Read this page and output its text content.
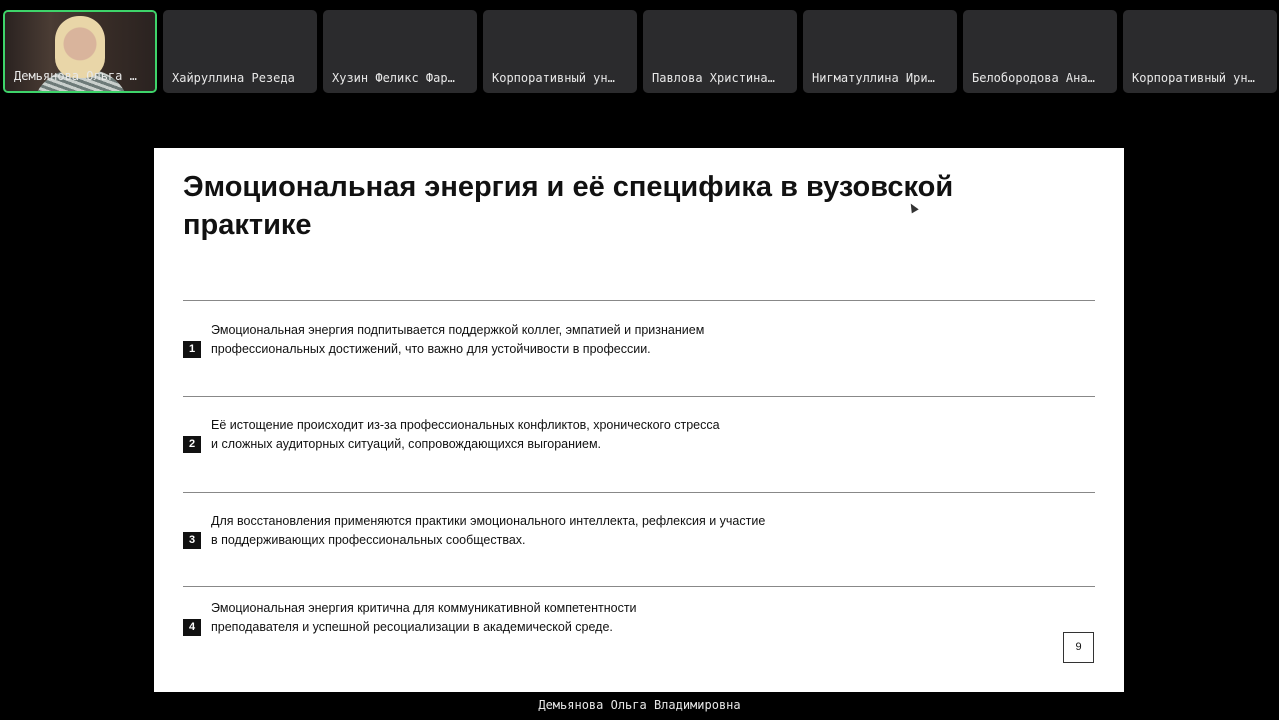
Демьянова Ольга …	Хайруллина Резеда	Хузин Феликс Фар…	Корпоративный ун…	Павлова Христина…	Нигматуллина Ири…	Белобородова Ана…	Корпоративный ун…
Эмоциональная энергия и её специфика в вузовской практике
1
Эмоциональная энергия подпитывается поддержкой коллег, эмпатией и признанием профессиональных достижений, что важно для устойчивости в профессии.
2
Её истощение происходит из-за профессиональных конфликтов, хронического стресса и сложных аудиторных ситуаций, сопровождающихся выгоранием.
3
Для восстановления применяются практики эмоционального интеллекта, рефлексия и участие в поддерживающих профессиональных сообществах.
4
Эмоциональная энергия критична для коммуникативной компетентности преподавателя и успешной ресоциализации в академической среде.
9
Демьянова Ольга Владимировна
